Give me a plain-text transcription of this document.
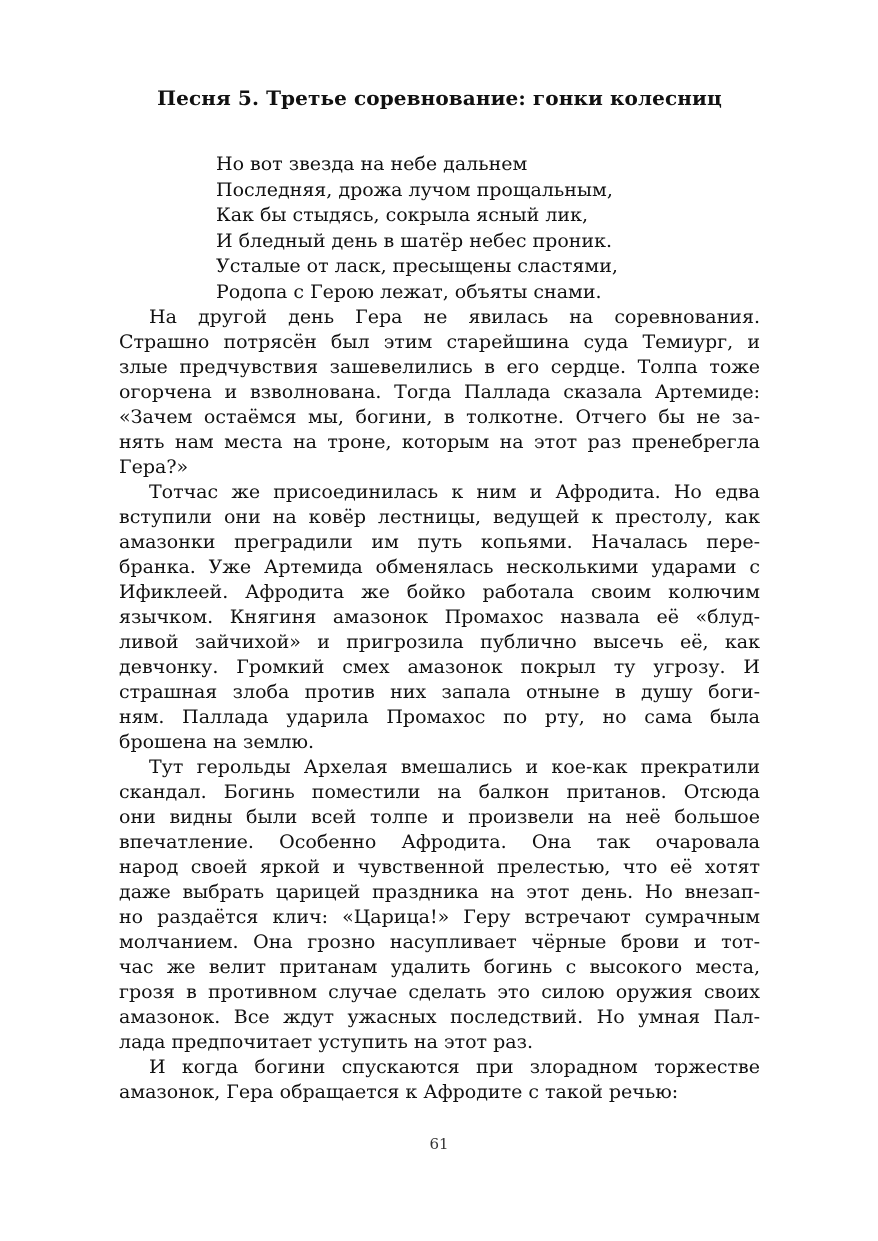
Песня 5. Третье соревнование: гонки колесниц
Но вот звезда на небе дальнем
Последняя, дрожа лучом прощальным,
Как бы стыдясь, сокрыла ясный лик,
И бледный день в шатёр небес проник.
Усталые от ласк, пресыщены сластями,
Родопа с Герою лежат, объяты снами.
На другой день Гера не явилась на соревнования.
Страшно потрясён был этим старейшина суда Темиург, и
злые предчувствия зашевелились в его сердце. Толпа тоже
огорчена и взволнована. Тогда Паллада сказала Артемиде:
«Зачем остаёмся мы, богини, в толкотне. Отчего бы не за-
нять нам места на троне, которым на этот раз пренебрегла
Гера?»
Тотчас же присоединилась к ним и Афродита. Но едва
вступили они на ковёр лестницы, ведущей к престолу, как
амазонки преградили им путь копьями. Началась пере-
бранка. Уже Артемида обменялась несколькими ударами с
Ификлеей. Афродита же бойко работала своим колючим
язычком. Княгиня амазонок Промахос назвала её «блуд-
ливой зайчихой» и пригрозила публично высечь её, как
девчонку. Громкий смех амазонок покрыл ту угрозу. И
страшная злоба против них запала отныне в душу боги-
ням. Паллада ударила Промахос по рту, но сама была
брошена на землю.
Тут герольды Архелая вмешались и кое-как прекратили
скандал. Богинь поместили на балкон пританов. Отсюда
они видны были всей толпе и произвели на неё большое
впечатление. Особенно Афродита. Она так очаровала
народ своей яркой и чувственной прелестью, что её хотят
даже выбрать царицей праздника на этот день. Но внезап-
но раздаётся клич: «Царица!» Геру встречают сумрачным
молчанием. Она грозно насупливает чёрные брови и тот-
час же велит пританам удалить богинь с высокого места,
грозя в противном случае сделать это силою оружия своих
амазонок. Все ждут ужасных последствий. Но умная Пал-
лада предпочитает уступить на этот раз.
И когда богини спускаются при злорадном торжестве
амазонок, Гера обращается к Афродите с такой речью:
61
